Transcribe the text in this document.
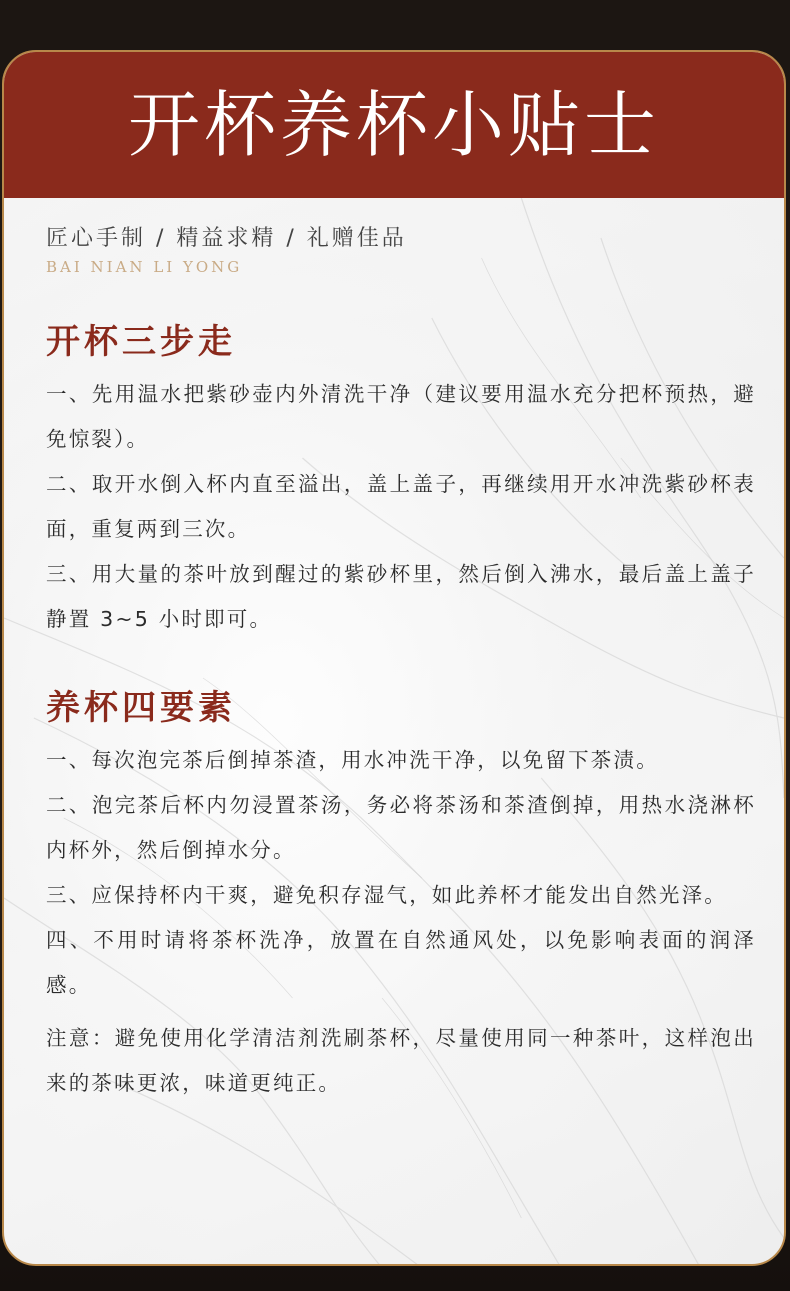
开杯养杯小贴士
匠心手制 / 精益求精 / 礼赠佳品
BAI NIAN LI YONG
开杯三步走
一、先用温水把紫砂壶内外清洗干净（建议要用温水充分把杯预热，避免惊裂）。
二、取开水倒入杯内直至溢出，盖上盖子，再继续用开水冲洗紫砂杯表面，重复两到三次。
三、用大量的茶叶放到醒过的紫砂杯里，然后倒入沸水，最后盖上盖子静置 3~5 小时即可。
养杯四要素
一、每次泡完茶后倒掉茶渣，用水冲洗干净，以免留下茶渍。
二、泡完茶后杯内勿浸置茶汤，务必将茶汤和茶渣倒掉，用热水浇淋杯内杯外，然后倒掉水分。
三、应保持杯内干爽，避免积存湿气，如此养杯才能发出自然光泽。
四、不用时请将茶杯洗净，放置在自然通风处，以免影响表面的润泽感。
注意：避免使用化学清洁剂洗刷茶杯，尽量使用同一种茶叶，这样泡出来的茶味更浓，味道更纯正。
